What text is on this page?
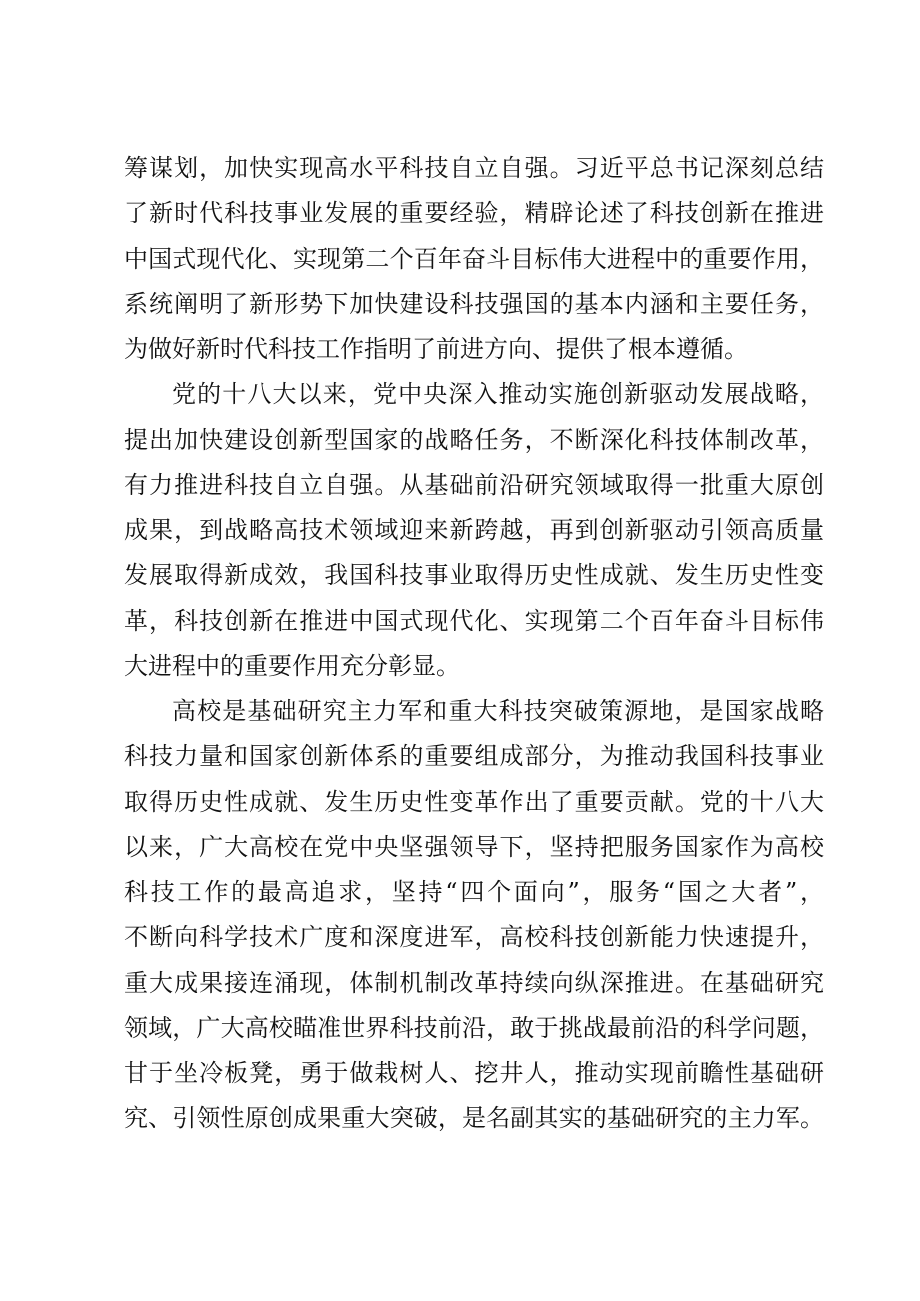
筹谋划，加快实现高水平科技自立自强。习近平总书记深刻总结
了新时代科技事业发展的重要经验，精辟论述了科技创新在推进
中国式现代化、实现第二个百年奋斗目标伟大进程中的重要作用，
系统阐明了新形势下加快建设科技强国的基本内涵和主要任务，
为做好新时代科技工作指明了前进方向、提供了根本遵循。
党的十八大以来，党中央深入推动实施创新驱动发展战略，
提出加快建设创新型国家的战略任务，不断深化科技体制改革，
有力推进科技自立自强。从基础前沿研究领域取得一批重大原创
成果，到战略高技术领域迎来新跨越，再到创新驱动引领高质量
发展取得新成效，我国科技事业取得历史性成就、发生历史性变
革，科技创新在推进中国式现代化、实现第二个百年奋斗目标伟
大进程中的重要作用充分彰显。
高校是基础研究主力军和重大科技突破策源地，是国家战略
科技力量和国家创新体系的重要组成部分，为推动我国科技事业
取得历史性成就、发生历史性变革作出了重要贡献。党的十八大
以来，广大高校在党中央坚强领导下，坚持把服务国家作为高校
科技工作的最高追求，坚持“四个面向”，服务“国之大者”，
不断向科学技术广度和深度进军，高校科技创新能力快速提升，
重大成果接连涌现，体制机制改革持续向纵深推进。在基础研究
领域，广大高校瞄准世界科技前沿，敢于挑战最前沿的科学问题，
甘于坐冷板凳，勇于做栽树人、挖井人，推动实现前瞻性基础研
究、引领性原创成果重大突破，是名副其实的基础研究的主力军。
